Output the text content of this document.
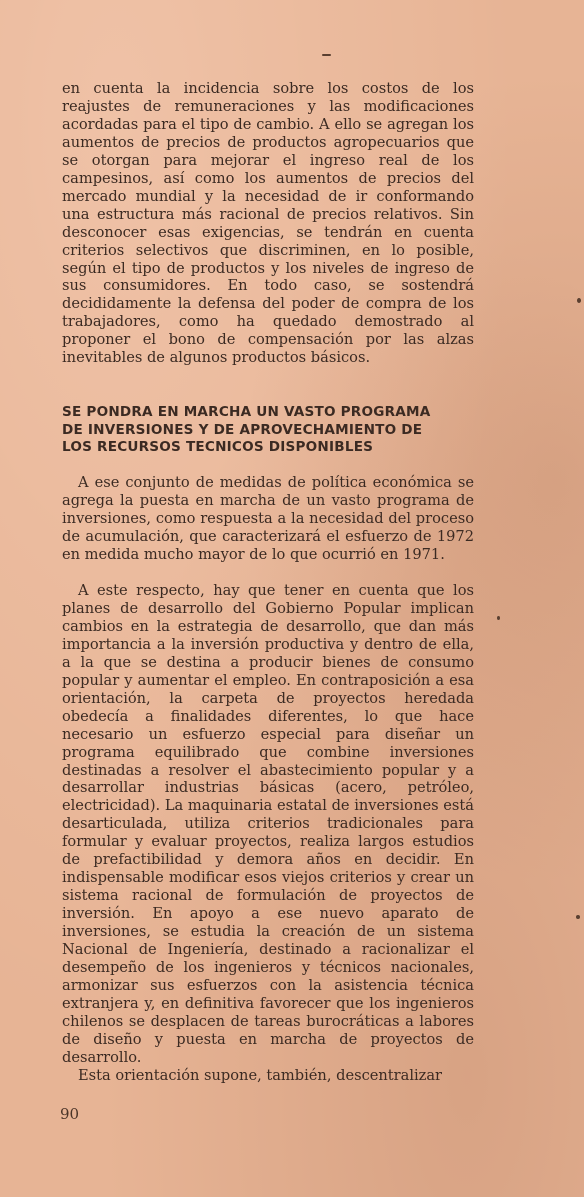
en cuenta la incidencia sobre los costos de los reajustes de remuneraciones y las modificaciones acordadas para el tipo de cambio. A ello se agregan los aumentos de precios de productos agropecuarios que se otorgan para mejorar el ingreso real de los campesinos, así como los aumentos de precios del mercado mundial y la necesidad de ir conformando una estructura más racional de precios relativos. Sin desconocer esas exigencias, se tendrán en cuenta criterios selectivos que discriminen, en lo posible, según el tipo de productos y los niveles de ingreso de sus consumidores. En todo caso, se sostendrá decididamente la defensa del poder de compra de los trabajadores, como ha quedado demostrado al proponer el bono de compensación por las alzas inevitables de algunos productos básicos.

SE PONDRA EN MARCHA UN VASTO PROGRAMA
DE INVERSIONES Y DE APROVECHAMIENTO DE
LOS RECURSOS TECNICOS DISPONIBLES

A ese conjunto de medidas de política económica se agrega la puesta en marcha de un vasto programa de inversiones, como respuesta a la necesidad del proceso de acumulación, que caracterizará el esfuerzo de 1972 en medida mucho mayor de lo que ocurrió en 1971.

A este respecto, hay que tener en cuenta que los planes de desarrollo del Gobierno Popular implican cambios en la estrategia de desarrollo, que dan más importancia a la inversión productiva y dentro de ella, a la que se destina a producir bienes de consumo popular y aumentar el empleo. En contraposición a esa orientación, la carpeta de proyectos heredada obedecía a finalidades diferentes, lo que hace necesario un esfuerzo especial para diseñar un programa equilibrado que combine inversiones destinadas a resolver el abastecimiento popular y a desarrollar industrias básicas (acero, petróleo, electricidad). La maquinaria estatal de inversiones está desarticulada, utiliza criterios tradicionales para formular y evaluar proyectos, realiza largos estudios de prefactibilidad y demora años en decidir. En indispensable modificar esos viejos criterios y crear un sistema racional de formulación de proyectos de inversión. En apoyo a ese nuevo aparato de inversiones, se estudia la creación de un sistema Nacional de Ingeniería, destinado a racionalizar el desempeño de los ingenieros y técnicos nacionales, armonizar sus esfuerzos con la asistencia técnica extranjera y, en definitiva favorecer que los ingenieros chilenos se desplacen de tareas burocráticas a labores de diseño y puesta en marcha de proyectos de desarrollo.

Esta orientación supone, también, descentralizar

90
